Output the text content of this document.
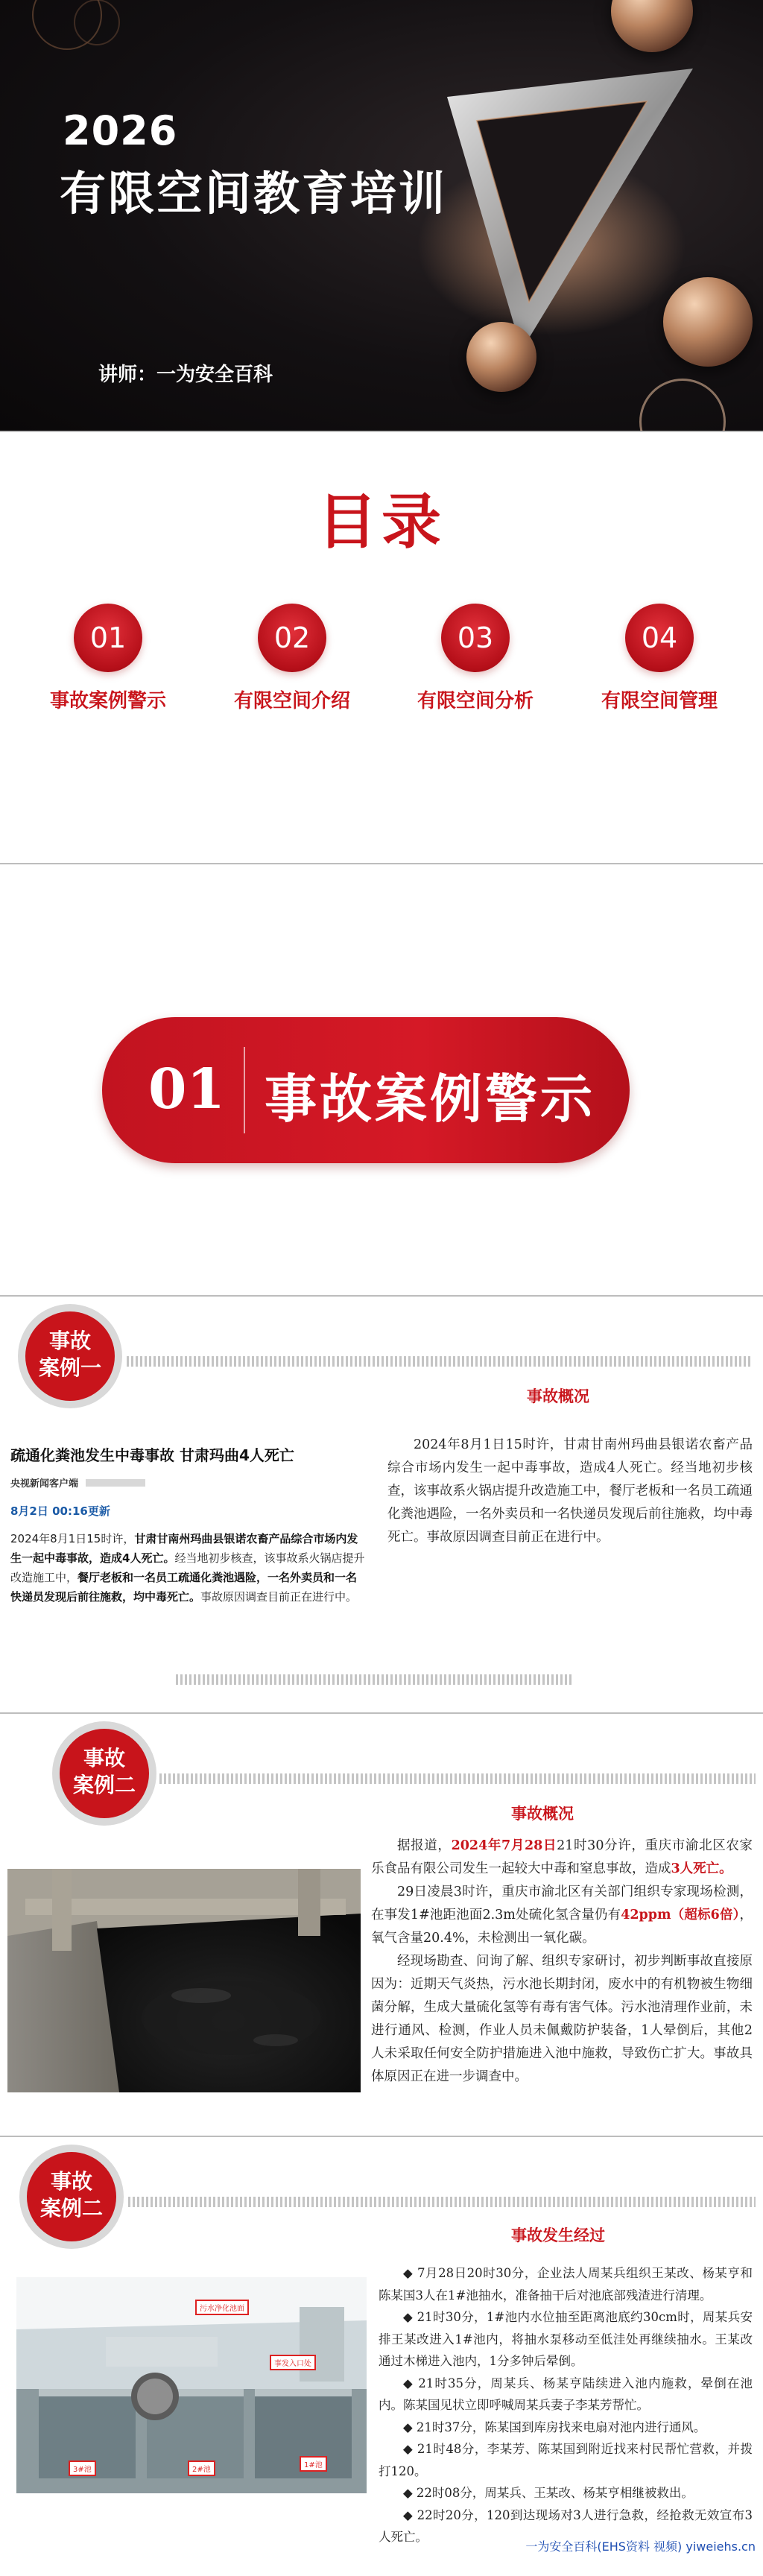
2026
有限空间教育培训
讲师：一为安全百科
目录
01
事故案例警示
02
有限空间介绍
03
有限空间分析
04
有限空间管理
01 事故案例警示
事故
案例一
事故概况
疏通化粪池发生中毒事故 甘肃玛曲4人死亡
央视新闻客户端
8月2日 00:16更新
2024年8月1日15时许，甘肃甘南州玛曲县银诺农畜产品综合市场内发生一起中毒事故，造成4人死亡。经当地初步核查，该事故系火锅店提升改造施工中，餐厅老板和一名员工疏通化粪池遇险，一名外卖员和一名快递员发现后前往施救，均中毒死亡。事故原因调查目前正在进行中。

2024年8月1日15时许，甘肃甘南州玛曲县银诺农畜产品综合市场内发生一起中毒事故，造成4人死亡。经当地初步核查，该事故系火锅店提升改造施工中，餐厅老板和一名员工疏通化粪池遇险，一名外卖员和一名快递员发现后前往施救，均中毒死亡。事故原因调查目前正在进行中。

事故
案例二
事故概况

据报道，2024年7月28日21时30分许，重庆市渝北区农家乐食品有限公司发生一起较大中毒和窒息事故，造成3人死亡。

29日凌晨3时许，重庆市渝北区有关部门组织专家现场检测，在事发1#池距池面2.3m处硫化氢含量仍有42ppm（超标6倍），氧气含量20.4%，未检测出一氧化碳。

经现场勘查、问询了解、组织专家研讨，初步判断事故直接原因为：近期天气炎热，污水池长期封闭，废水中的有机物被生物细菌分解，生成大量硫化氢等有毒有害气体。污水池清理作业前，未进行通风、检测，作业人员未佩戴防护装备，1人晕倒后，其他2人未采取任何安全防护措施进入池中施救，导致伤亡扩大。事故具体原因正在进一步调查中。

事故
案例二
事故发生经过
污水净化池面
事发入口处
1#池
2#池
3#池

◆ 7月28日20时30分，企业法人周某兵组织王某改、杨某亨和陈某国3人在1#池抽水，准备抽干后对池底部残渣进行清理。

◆ 21时30分，1#池内水位抽至距离池底约30cm时，周某兵安排王某改进入1#池内，将抽水泵移动至低洼处再继续抽水。王某改通过木梯进入池内，1分多钟后晕倒。

◆ 21时35分，周某兵、杨某亨陆续进入池内施救，晕倒在池内。陈某国见状立即呼喊周某兵妻子李某芳帮忙。

◆ 21时37分，陈某国到库房找来电扇对池内进行通风。

◆ 21时48分，李某芳、陈某国到附近找来村民帮忙营救，并拨打120。

◆ 22时08分，周某兵、王某改、杨某亨相继被救出。

◆ 22时20分，120到达现场对3人进行急救，经抢救无效宣布3人死亡。

一为安全百科(EHS资料 视频) yiweiehs.cn
